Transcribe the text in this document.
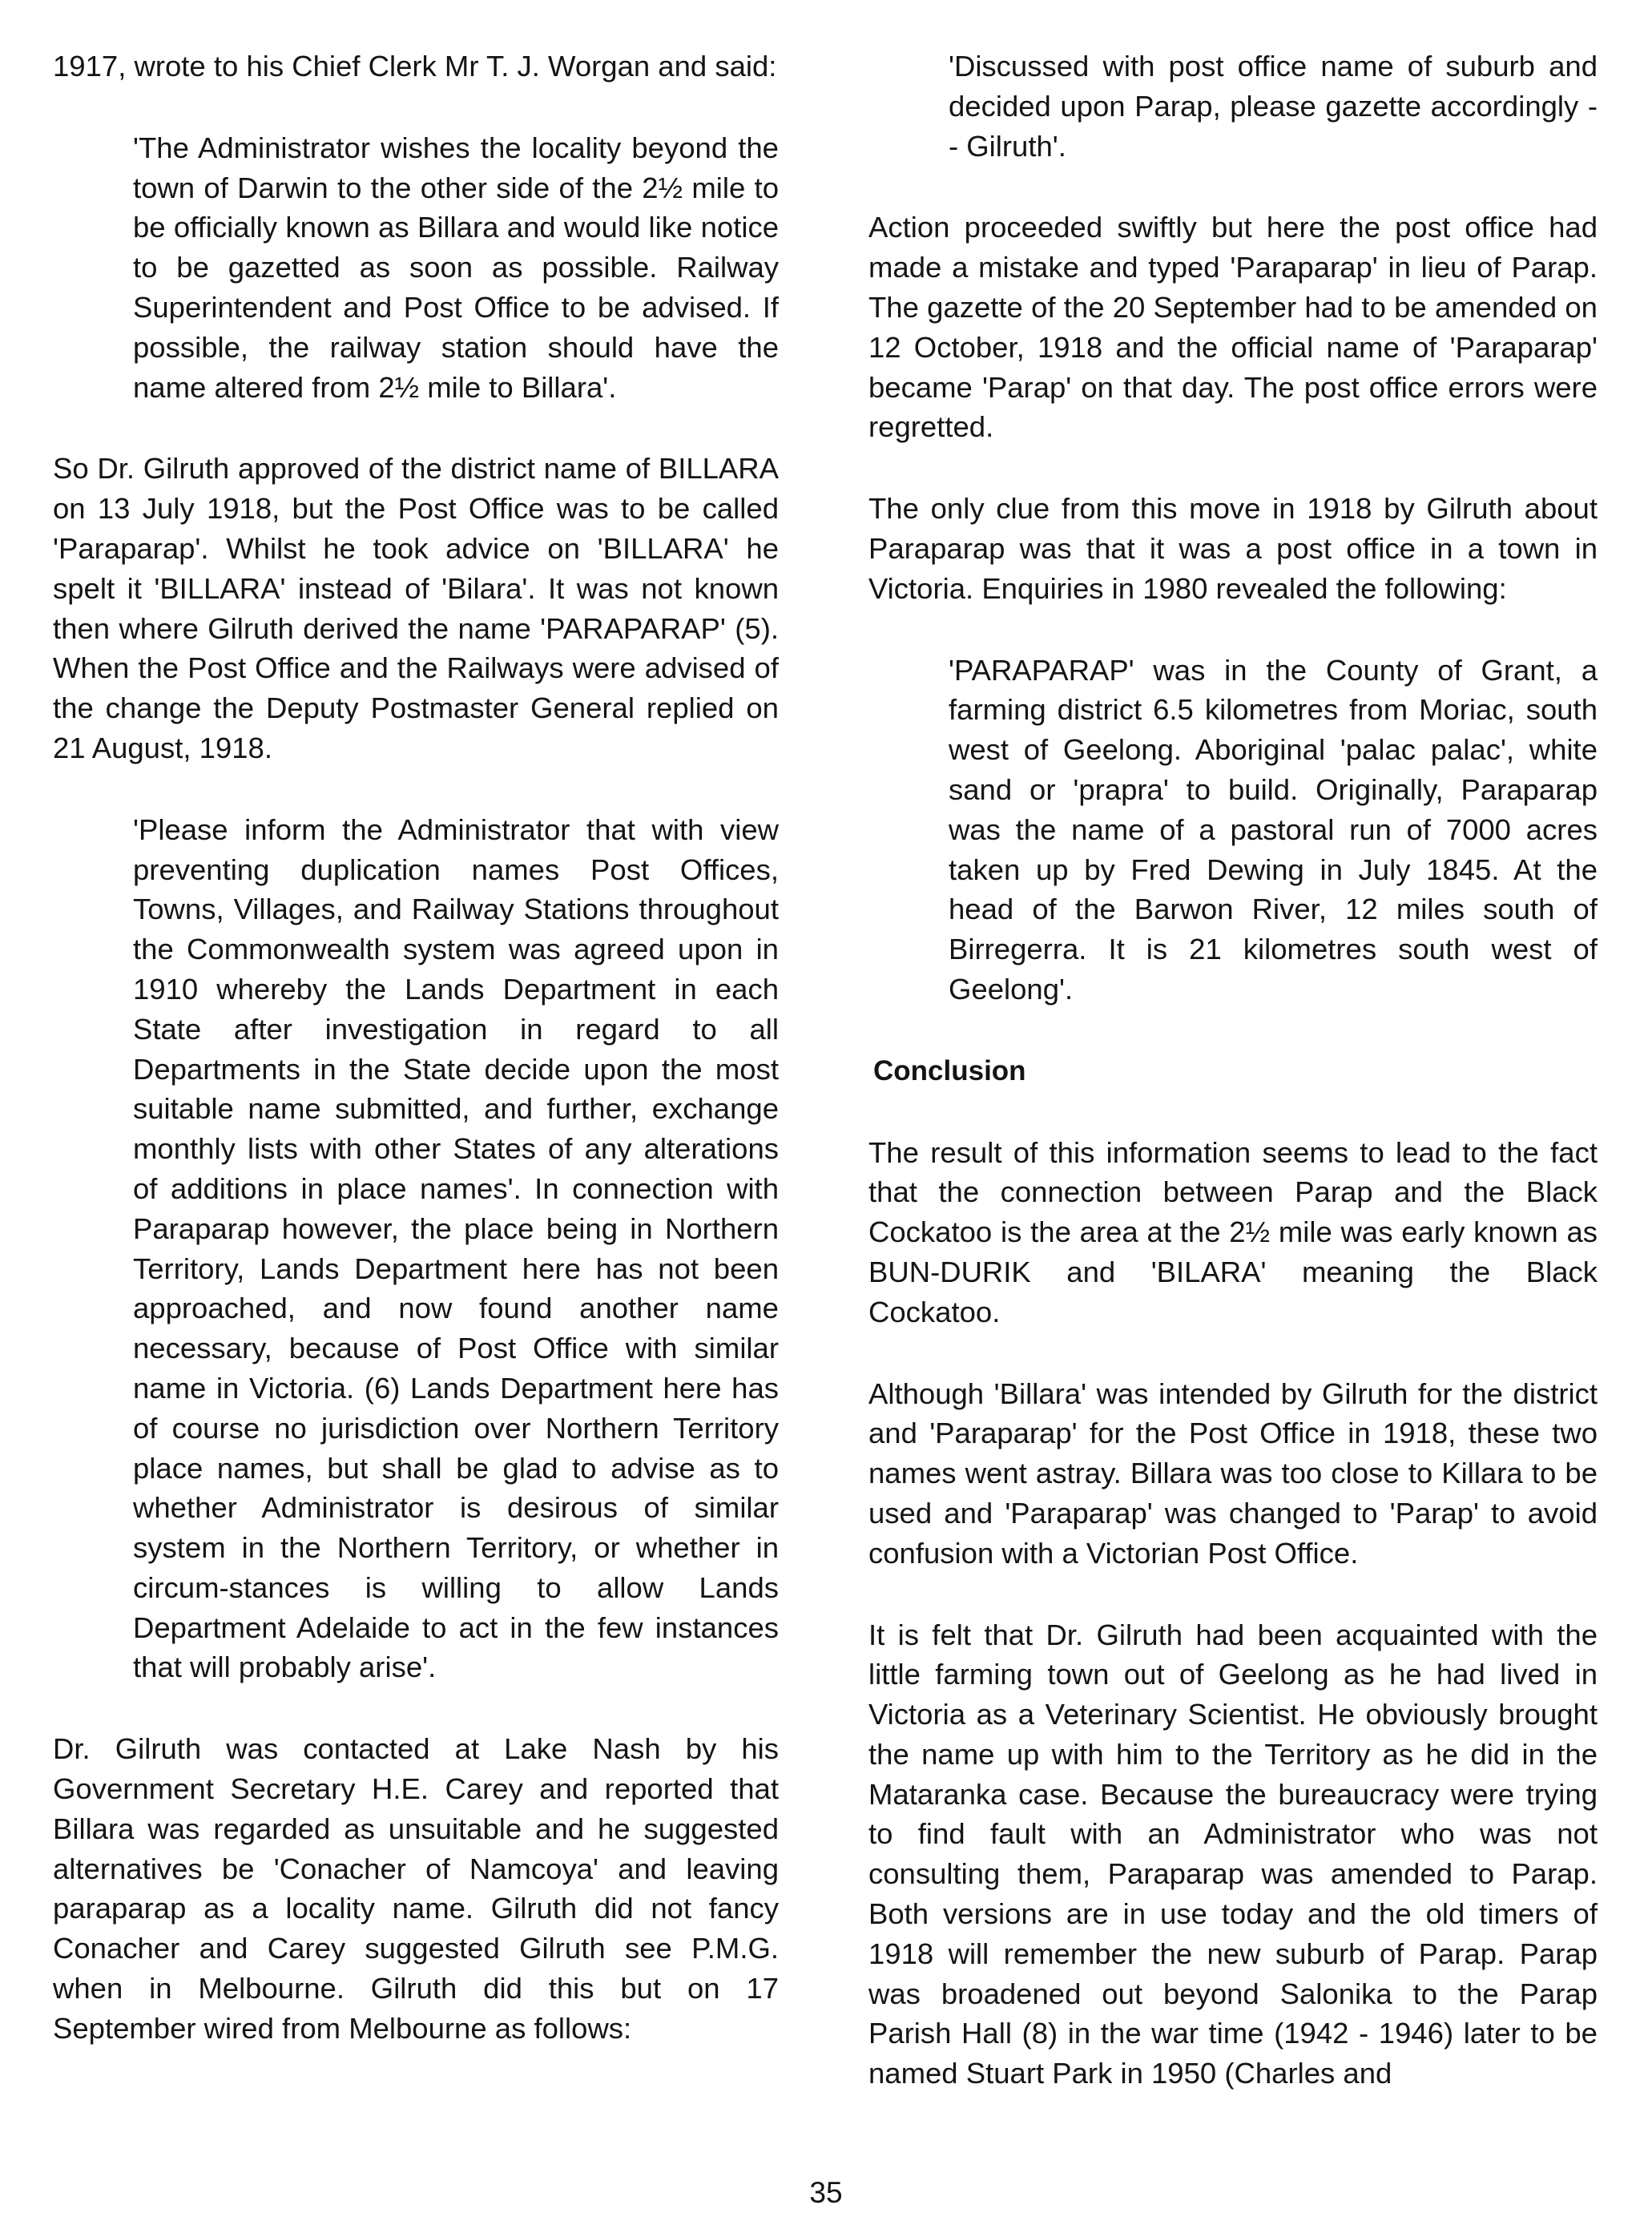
1917, wrote to his Chief Clerk Mr T. J. Worgan and said:

'The Administrator wishes the locality beyond the town of Darwin to the other side of the 2½ mile to be officially known as Billara and would like notice to be gazetted as soon as possible. Railway Superintendent and Post Office to be advised. If possible, the railway station should have the name altered from 2½ mile to Billara'.

So Dr. Gilruth approved of the district name of BILLARA on 13 July 1918, but the Post Office was to be called 'Paraparap'. Whilst he took advice on 'BILLARA' he spelt it 'BILLARA' instead of 'Bilara'. It was not known then where Gilruth derived the name 'PARAPARAP' (5). When the Post Office and the Railways were advised of the change the Deputy Postmaster General replied on 21 August, 1918.

'Please inform the Administrator that with view preventing duplication names Post Offices, Towns, Villages, and Railway Stations throughout the Commonwealth system was agreed upon in 1910 whereby the Lands Department in each State after investigation in regard to all Departments in the State decide upon the most suitable name submitted, and further, exchange monthly lists with other States of any alterations of additions in place names'. In connection with Paraparap however, the place being in Northern Territory, Lands Department here has not been approached, and now found another name necessary, because of Post Office with similar name in Victoria. (6) Lands Department here has of course no jurisdiction over Northern Territory place names, but shall be glad to advise as to whether Administrator is desirous of similar system in the Northern Territory, or whether in circum-stances is willing to allow Lands Department Adelaide to act in the few instances that will probably arise'.

Dr. Gilruth was contacted at Lake Nash by his Government Secretary H.E. Carey and reported that Billara was regarded as unsuitable and he suggested alternatives be 'Conacher of Namcoya' and leaving paraparap as a locality name. Gilruth did not fancy Conacher and Carey suggested Gilruth see P.M.G. when in Melbourne. Gilruth did this but on 17 September wired from Melbourne as follows:

'Discussed with post office name of suburb and decided upon Parap, please gazette accordingly -- Gilruth'.

Action proceeded swiftly but here the post office had made a mistake and typed 'Paraparap' in lieu of Parap. The gazette of the 20 September had to be amended on 12 October, 1918 and the official name of 'Paraparap' became 'Parap' on that day. The post office errors were regretted.

The only clue from this move in 1918 by Gilruth about Paraparap was that it was a post office in a town in Victoria. Enquiries in 1980 revealed the following:

'PARAPARAP' was in the County of Grant, a farming district 6.5 kilometres from Moriac, south west of Geelong. Aboriginal 'palac palac', white sand or 'prapra' to build. Originally, Paraparap was the name of a pastoral run of 7000 acres taken up by Fred Dewing in July 1845. At the head of the Barwon River, 12 miles south of Birregerra. It is 21 kilometres south west of Geelong'.

Conclusion

The result of this information seems to lead to the fact that the connection between Parap and the Black Cockatoo is the area at the 2½ mile was early known as BUN-DURIK and 'BILARA' meaning the Black Cockatoo.

Although 'Billara' was intended by Gilruth for the district and 'Paraparap' for the Post Office in 1918, these two names went astray. Billara was too close to Killara to be used and 'Paraparap' was changed to 'Parap' to avoid confusion with a Victorian Post Office.

It is felt that Dr. Gilruth had been acquainted with the little farming town out of Geelong as he had lived in Victoria as a Veterinary Scientist. He obviously brought the name up with him to the Territory as he did in the Mataranka case. Because the bureaucracy were trying to find fault with an Administrator who was not consulting them, Paraparap was amended to Parap. Both versions are in use today and the old timers of 1918 will remember the new suburb of Parap. Parap was broadened out beyond Salonika to the Parap Parish Hall (8) in the war time (1942 - 1946) later to be named Stuart Park in 1950 (Charles and

35
